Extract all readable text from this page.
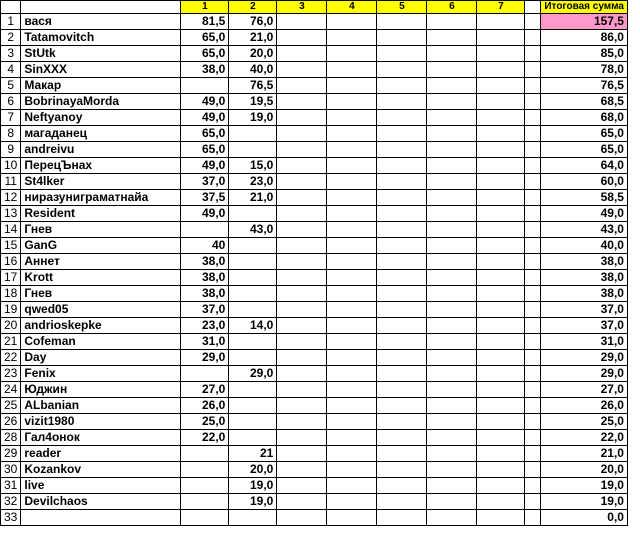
		1	2	3	4	5	6	7		Итоговая сумма
1	вася	81,5	76,0							157,5
2	Tatamovitch	65,0	21,0							86,0
3	StUtk	65,0	20,0							85,0
4	SinXXX	38,0	40,0							78,0
5	Макар		76,5							76,5
6	BobrinayaMorda	49,0	19,5							68,5
7	Neftyanoy	49,0	19,0							68,0
8	магаданец	65,0								65,0
9	andreivu	65,0								65,0
10	ПерецЪнах	49,0	15,0							64,0
11	St4lker	37,0	23,0							60,0
12	ниразуниграматнайа	37,5	21,0							58,5
13	Resident	49,0								49,0
14	Гнев		43,0							43,0
15	GanG	40								40,0
16	Аннет	38,0								38,0
17	Krott	38,0								38,0
18	Гнев	38,0								38,0
19	qwed05	37,0								37,0
20	andrioskepke	23,0	14,0							37,0
21	Cofeman	31,0								31,0
22	Day	29,0								29,0
23	Fenix		29,0							29,0
24	Юджин	27,0								27,0
25	ALbanian	26,0								26,0
26	vizit1980	25,0								25,0
28	Гал4онок	22,0								22,0
29	reader		21							21,0
30	Kozankov		20,0							20,0
31	live		19,0							19,0
32	Devilchaos		19,0							19,0
33										0,0
